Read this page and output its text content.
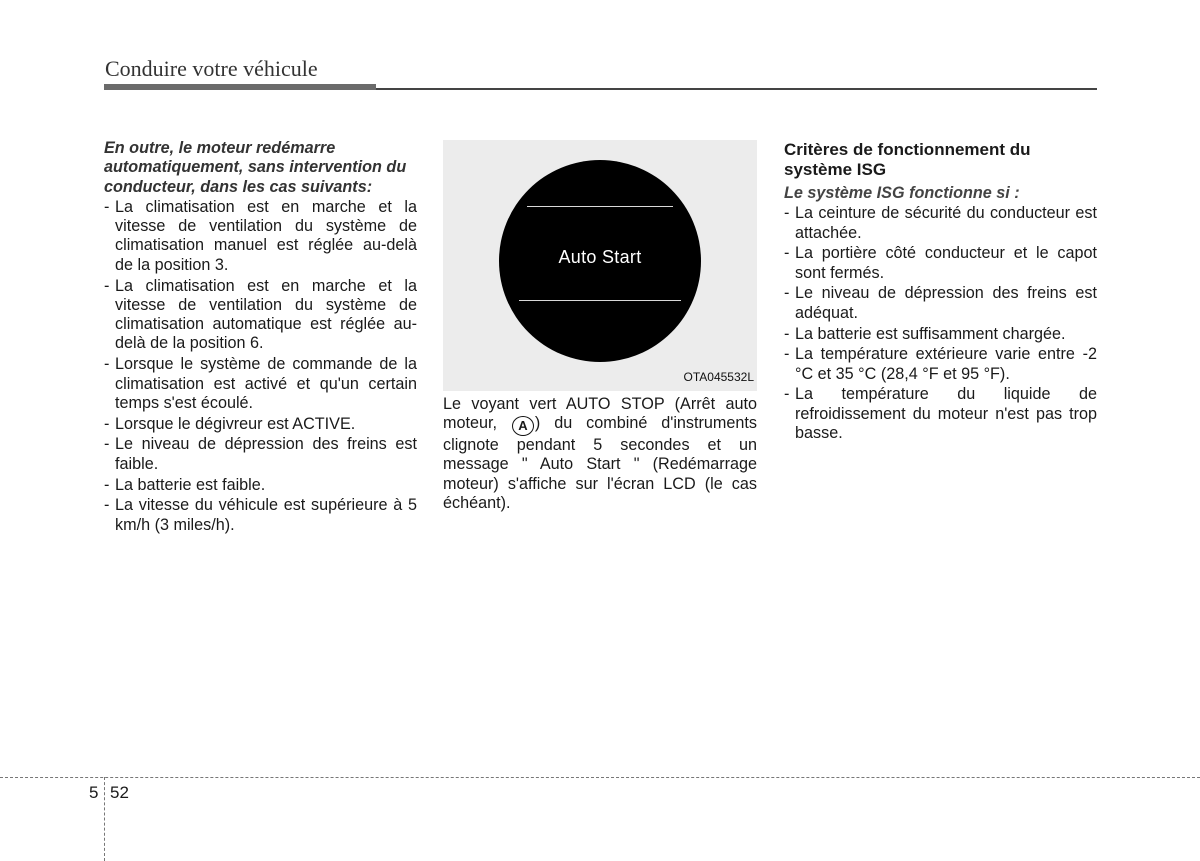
Conduire votre véhicule

En outre, le moteur redémarre automatiquement, sans intervention du conducteur, dans les cas suivants:

- La climatisation est en marche et la vitesse de ventilation du système de climatisation manuel est réglée au-delà de la position 3.
- La climatisation est en marche et la vitesse de ventilation du système de climatisation automatique est réglée au-delà de la position 6.
- Lorsque le système de commande de la climatisation est activé et qu'un certain temps s'est écoulé.
- Lorsque le dégivreur est ACTIVE.
- Le niveau de dépression des freins est faible.
- La batterie est faible.
- La vitesse du véhicule est supérieure à 5 km/h (3 miles/h).
Auto Start
OTA045532L

Le voyant vert AUTO STOP (Arrêt auto moteur, A ) du combiné d'instruments clignote pendant 5 secondes et un message " Auto Start " (Redémarrage moteur) s'affiche sur l'écran LCD (le cas échéant).

Critères de fonctionnement du système ISG

Le système ISG fonctionne si :

- La ceinture de sécurité du conducteur est attachée.
- La portière côté conducteur et le capot sont fermés.
- Le niveau de dépression des freins est adéquat.
- La batterie est suffisamment chargée.
- La température extérieure varie entre -2 °C et 35 °C (28,4 °F et 95 °F).
- La température du liquide de refroidissement du moteur n'est pas trop basse.
5 52
